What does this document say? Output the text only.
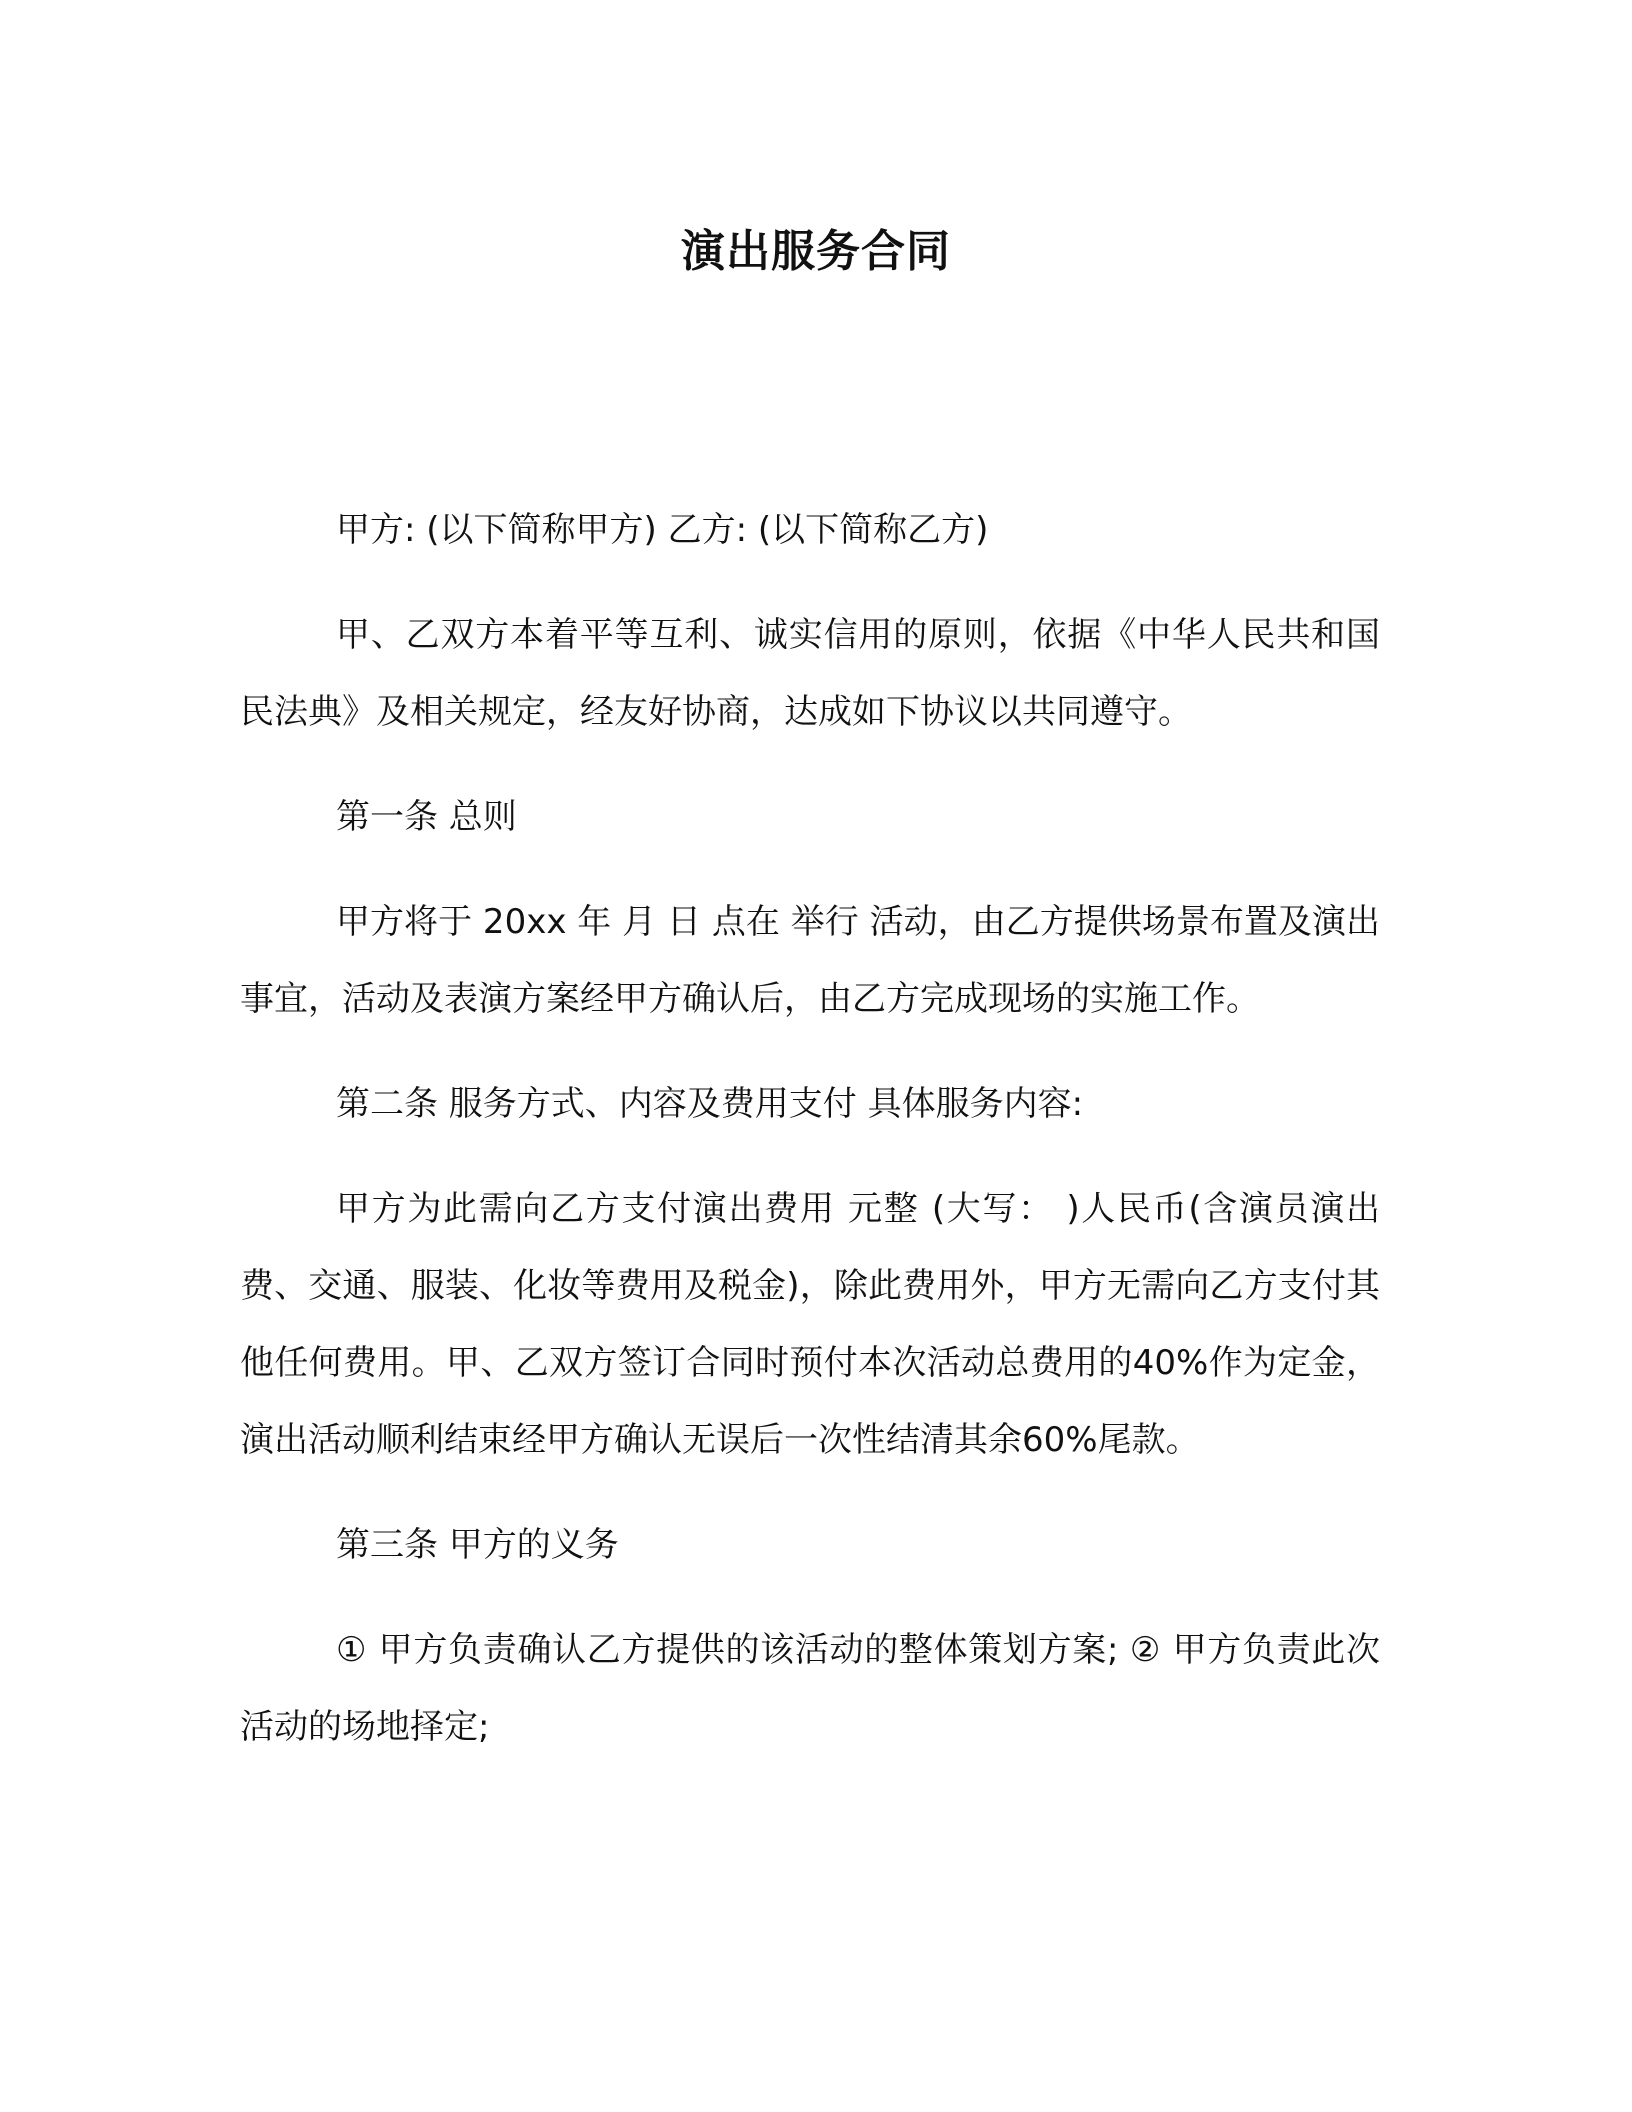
演出服务合同

甲方: (以下简称甲方) 乙方: (以下简称乙方)

甲、乙双方本着平等互利、诚实信用的原则，依据《中华人民共和国民法典》及相关规定，经友好协商，达成如下协议以共同遵守。

第一条 总则

甲方将于 20xx 年 月 日 点在 举行 活动，由乙方提供场景布置及演出事宜，活动及表演方案经甲方确认后，由乙方完成现场的实施工作。

第二条 服务方式、内容及费用支付 具体服务内容:

甲方为此需向乙方支付演出费用 元整 (大写： )人民币(含演员演出费、交通、服装、化妆等费用及税金)，除此费用外，甲方无需向乙方支付其他任何费用。甲、乙双方签订合同时预付本次活动总费用的40%作为定金，演出活动顺利结束经甲方确认无误后一次性结清其余60%尾款。

第三条 甲方的义务

① 甲方负责确认乙方提供的该活动的整体策划方案; ② 甲方负责此次活动的场地择定;
